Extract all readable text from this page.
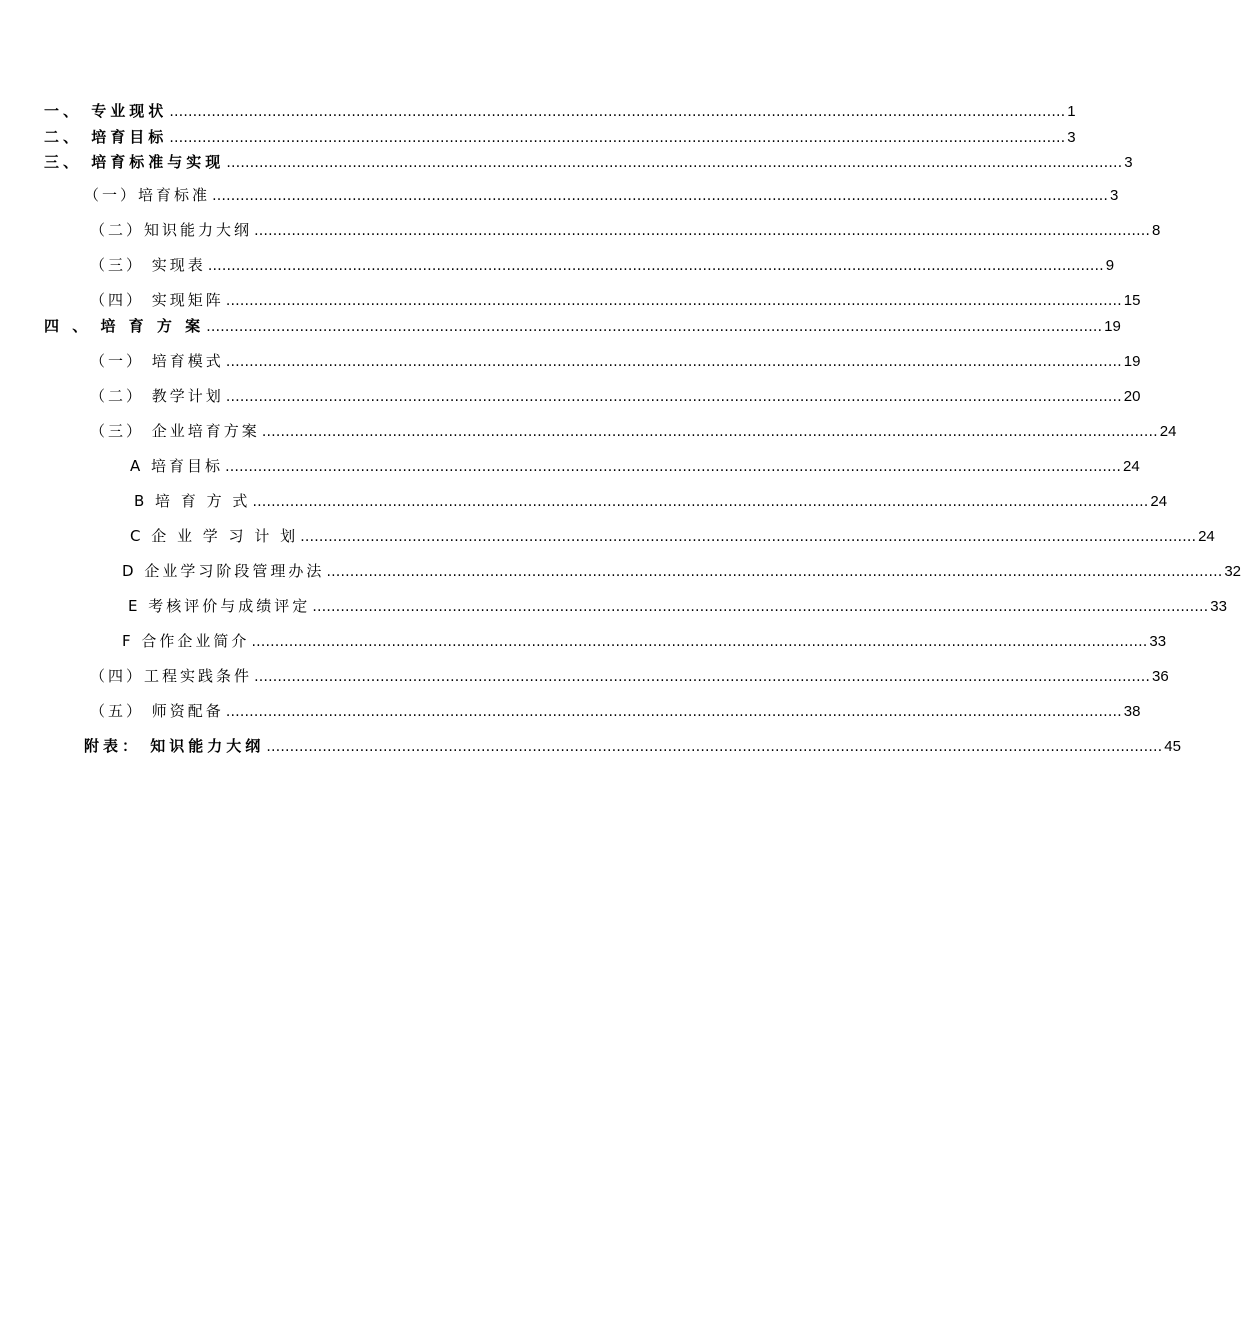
一、 专业现状 ………………………………………………………………………………………………………………………………………………………………………… 1
二、 培育目标 ………………………………………………………………………………………………………………………………………………………………………… 3
三、 培育标准与实现 ………………………………………………………………………………………………………………………………………………………………………… 3
（一）培育标准 ………………………………………………………………………………………………………………………………………………………………………… 3
（二）知识能力大纲 ………………………………………………………………………………………………………………………………………………………………………… 8
（三） 实现表 ………………………………………………………………………………………………………………………………………………………………………… 9
（四） 实现矩阵 ………………………………………………………………………………………………………………………………………………………………………… 15
四 、 培 育 方 案 ………………………………………………………………………………………………………………………………………………………………………… 19
（一） 培育模式 ………………………………………………………………………………………………………………………………………………………………………… 19
（二） 教学计划 ………………………………………………………………………………………………………………………………………………………………………… 20
（三） 企业培育方案 ………………………………………………………………………………………………………………………………………………………………………… 24
A 培育目标 ………………………………………………………………………………………………………………………………………………………………………… 24
B 培 育 方 式 ………………………………………………………………………………………………………………………………………………………………………… 24
C 企 业 学 习 计 划 ………………………………………………………………………………………………………………………………………………………………………… 24
D 企业学习阶段管理办法 ………………………………………………………………………………………………………………………………………………………………………… 32
E 考核评价与成绩评定 ………………………………………………………………………………………………………………………………………………………………………… 33
F 合作企业简介 ………………………………………………………………………………………………………………………………………………………………………… 33
（四）工程实践条件 ………………………………………………………………………………………………………………………………………………………………………… 36
（五） 师资配备 ………………………………………………………………………………………………………………………………………………………………………… 38
附表： 知识能力大纲 ………………………………………………………………………………………………………………………………………………………………………… 45
